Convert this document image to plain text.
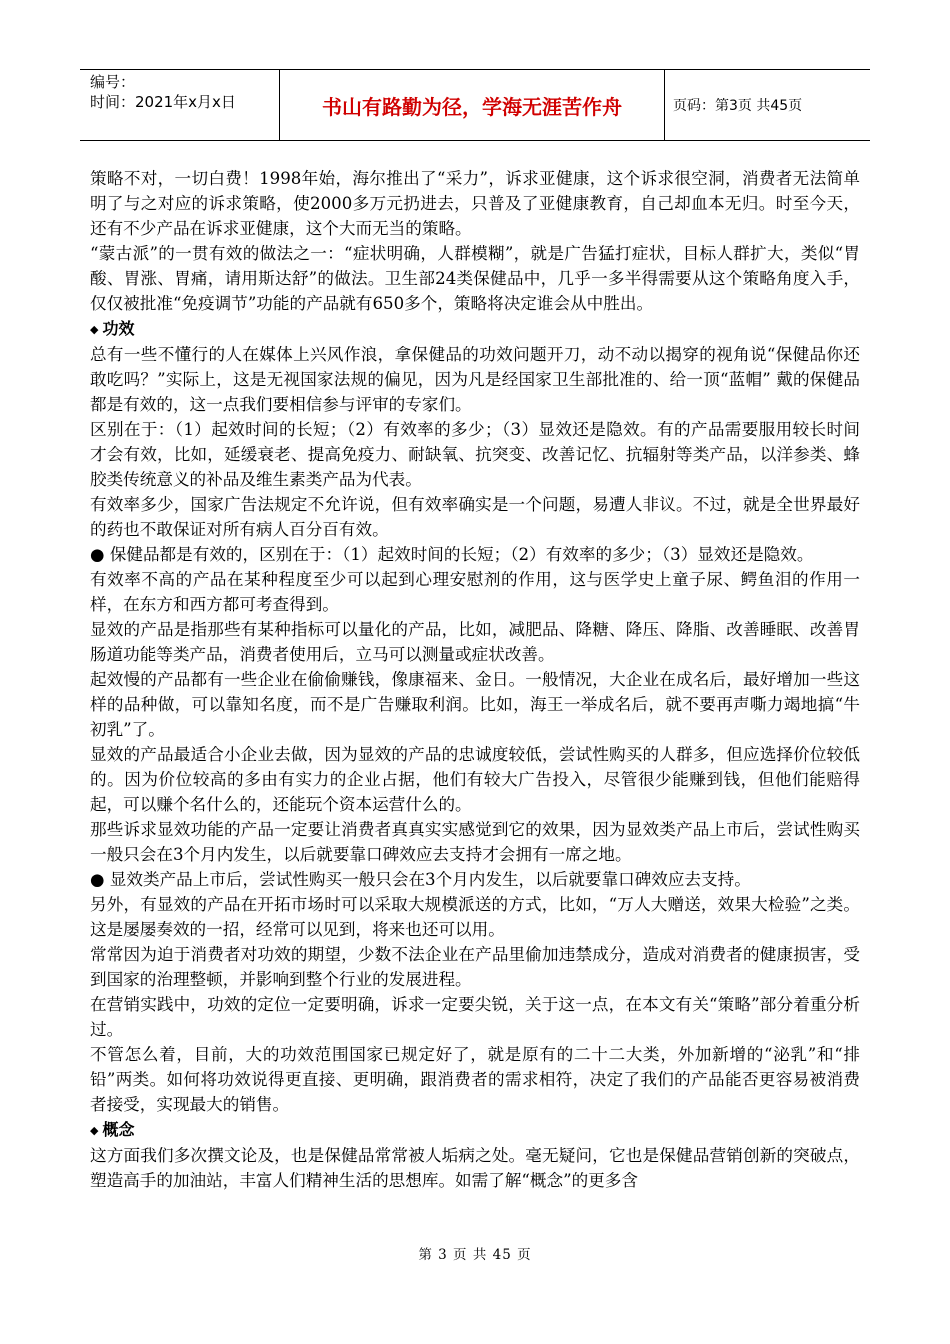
编号：
时间：2021年x月x日	书山有路勤为径，学海无涯苦作舟	页码：第3页 共45页

策略不对，一切白费！1998年始，海尔推出了“采力”，诉求亚健康，这个诉求很空洞，消费者无法简单明了与之对应的诉求策略，使2000多万元扔进去，只普及了亚健康教育，自己却血本无归。时至今天，还有不少产品在诉求亚健康，这个大而无当的策略。

“蒙古派”的一贯有效的做法之一：“症状明确，人群模糊”，就是广告猛打症状，目标人群扩大，类似“胃酸、胃涨、胃痛，请用斯达舒”的做法。卫生部24类保健品中，几乎一多半得需要从这个策略角度入手，仅仅被批准“免疫调节”功能的产品就有650多个，策略将决定谁会从中胜出。

◆ 功效

总有一些不懂行的人在媒体上兴风作浪，拿保健品的功效问题开刀，动不动以揭穿的视角说“保健品你还敢吃吗？”实际上，这是无视国家法规的偏见，因为凡是经国家卫生部批准的、给一顶“蓝帽” 戴的保健品都是有效的，这一点我们要相信参与评审的专家们。

区别在于：（1）起效时间的长短；（2）有效率的多少；（3）显效还是隐效。有的产品需要服用较长时间才会有效，比如，延缓衰老、提高免疫力、耐缺氧、抗突变、改善记忆、抗辐射等类产品，以洋参类、蜂胶类传统意义的补品及维生素类产品为代表。

有效率多少，国家广告法规定不允许说，但有效率确实是一个问题，易遭人非议。不过，就是全世界最好的药也不敢保证对所有病人百分百有效。

● 保健品都是有效的，区别在于：（1）起效时间的长短；（2）有效率的多少；（3）显效还是隐效。

有效率不高的产品在某种程度至少可以起到心理安慰剂的作用，这与医学史上童子尿、鳄鱼泪的作用一样，在东方和西方都可考查得到。

显效的产品是指那些有某种指标可以量化的产品，比如，减肥品、降糖、降压、降脂、改善睡眠、改善胃肠道功能等类产品，消费者使用后，立马可以测量或症状改善。

起效慢的产品都有一些企业在偷偷赚钱，像康福来、金日。一般情况，大企业在成名后，最好增加一些这样的品种做，可以靠知名度，而不是广告赚取利润。比如，海王一举成名后，就不要再声嘶力竭地搞“牛初乳”了。

显效的产品最适合小企业去做，因为显效的产品的忠诚度较低，尝试性购买的人群多，但应选择价位较低的。因为价位较高的多由有实力的企业占据，他们有较大广告投入，尽管很少能赚到钱，但他们能赔得起，可以赚个名什么的，还能玩个资本运营什么的。

那些诉求显效功能的产品一定要让消费者真真实实感觉到它的效果，因为显效类产品上市后，尝试性购买一般只会在3个月内发生，以后就要靠口碑效应去支持才会拥有一席之地。

● 显效类产品上市后，尝试性购买一般只会在3个月内发生，以后就要靠口碑效应去支持。

另外，有显效的产品在开拓市场时可以采取大规模派送的方式，比如，“万人大赠送，效果大检验”之类。这是屡屡奏效的一招，经常可以见到，将来也还可以用。

常常因为迫于消费者对功效的期望，少数不法企业在产品里偷加违禁成分，造成对消费者的健康损害，受到国家的治理整顿，并影响到整个行业的发展进程。

在营销实践中，功效的定位一定要明确，诉求一定要尖锐，关于这一点，在本文有关“策略”部分着重分析过。

不管怎么着，目前，大的功效范围国家已规定好了，就是原有的二十二大类，外加新增的“泌乳”和“排铅”两类。如何将功效说得更直接、更明确，跟消费者的需求相符，决定了我们的产品能否更容易被消费者接受，实现最大的销售。

◆ 概念

这方面我们多次撰文论及，也是保健品常常被人垢病之处。毫无疑问，它也是保健品营销创新的突破点，塑造高手的加油站，丰富人们精神生活的思想库。如需了解“概念”的更多含

第 3 页 共 45 页
